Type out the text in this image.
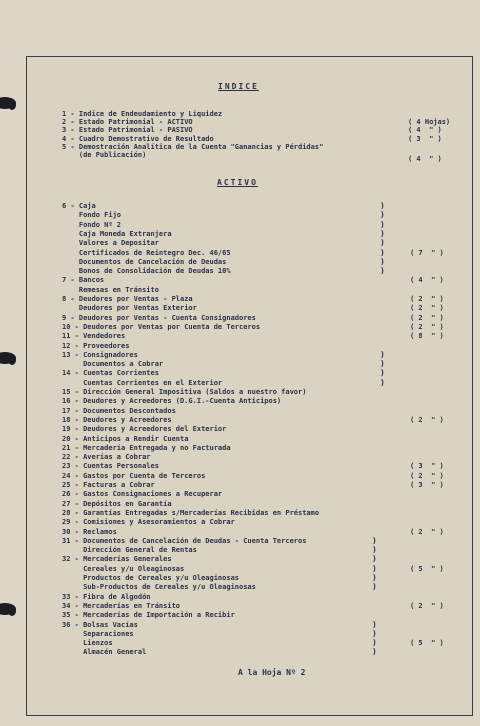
INDICE
1 - Indice de Endeudamiento y Liquidez
2 - Estado Patrimonial - ACTIVO
3 - Estado Patrimonial - PASIVO
4 - Cuadro Demostrativo de Resultado
5 - Demostración Analítica de la Cuenta "Ganancias y Pérdidas"
(de Publicación)
( 4 Hojas)
( 4  " )
( 3  " )
( 4  " )
ACTIVO
6 - Caja
Fondo Fijo
Fondo Nº 2
Caja Moneda Extranjera
Valores a Depositar
Certificados de Reintegro Dec. 46/65
Documentos de Cancelación de Deudas
Bonos de Consolidación de Deudas 10%
7 - Bancos
Remesas en Tránsito
8 - Deudores por Ventas - Plaza
Deudores por Ventas Exterior
9 - Deudores por Ventas - Cuenta Consignadores
10 - Deudores por Ventas por Cuenta de Terceros
11 - Vendedores
12 - Proveedores
13 - Consignadores
Documentos a Cobrar
14 - Cuentas Corrientes
Cuentas Corrientes en el Exterior
15 - Dirección General Impositiva (Saldos a nuestro favor)
16 - Deudores y Acreedores (D.G.I.-Cuenta Anticipos)
17 - Documentos Descontados
18 - Deudores y Acreedores
19 - Deudores y Acreedores del Exterior
20 - Anticipos a Rendir Cuenta
21 - Mercadería Entregada y no Facturada
22 - Averías a Cobrar
23 - Cuentas Personales
24 - Gastos por Cuenta de Terceros
25 - Facturas a Cobrar
26 - Gastos Consignaciones a Recuperar
27 - Depósitos en Garantía
28 - Garantías Entregadas s/Mercaderías Recibidas en Préstamo
29 - Comisiones y Asesoramientos a Cobrar
30 - Reclamos
31 - Documentos de Cancelación de Deudas - Cuenta Terceros
Dirección General de Rentas
32 - Mercaderías Generales
Cereales y/u Oleaginosas
Productos de Cereales y/u Oleaginosas
Sub-Productos de Cereales y/u Oleaginosas
33 - Fibra de Algodón
34 - Mercaderías en Tránsito
35 - Mercaderías de Importación a Recibir
36 - Bolsas Vacías
Separaciones
Lienzos
Almacén General
( 7  " )
( 4  " )
( 2  " )
( 2  " )
( 2  " )
( 2  " )
( 8  " )
( 2  " )
( 3  " )
( 2  " )
( 3  " )
( 2  " )
( 5  " )
( 2  " )
( 5  " )
)
)
)
)
)
)
)
)
)
)
)
)
)
)
)
)
)
)
)
)
)
)
A la Hoja Nº 2
